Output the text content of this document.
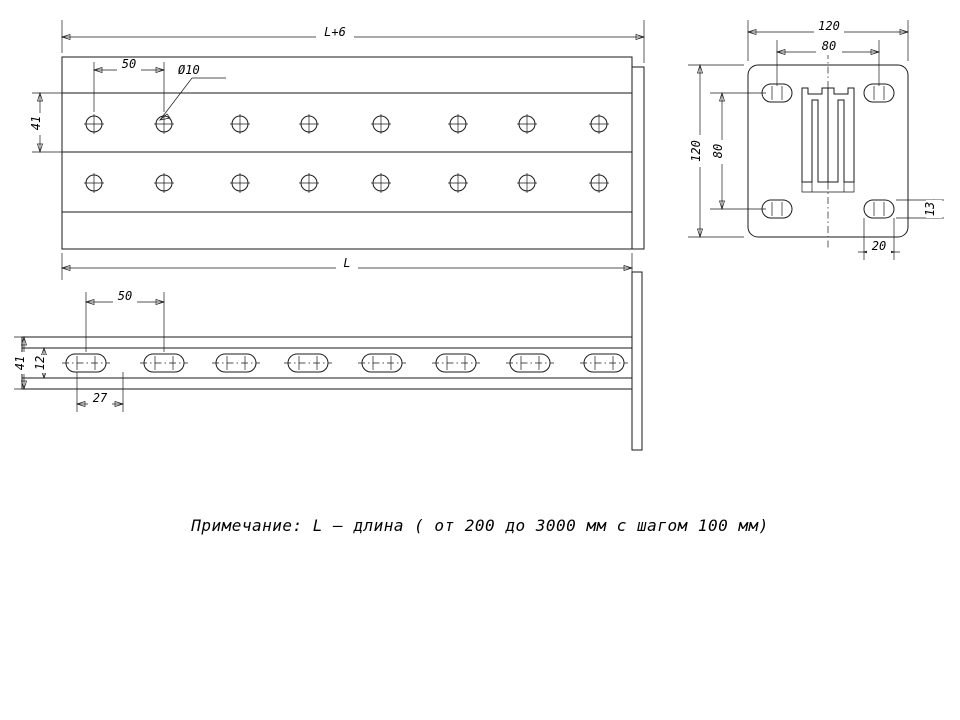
L+6
50	Ø10
41
L
50
41 12
27
120
80
120 80
13
20
Примечание: L — длина ( от 200 до 3000 мм с шагом 100 мм)
